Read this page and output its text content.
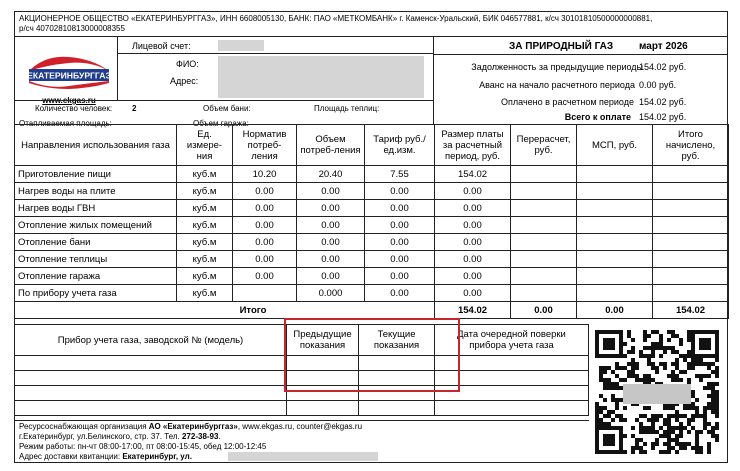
АКЦИОНЕРНОЕ ОБЩЕСТВО «ЕКАТЕРИНБУРГГАЗ», ИНН 6608005130, БАНК: ПАО «МЕТКОМБАНК» г. Каменск-Уральский, БИК 046577881, к/сч 30101810500000000881,
р/сч 40702810813000008355
ЕКАТЕРИНБУРГГАЗ
www.ekgas.ru
Лицевой счет:
ФИО:
Адрес:
Количество человек: 2	Объем бани:	Площадь теплиц:
Отапливаемая площадь:	Объем гаража:
ЗА ПРИРОДНЫЙ ГАЗ	март 2026
Задолженность за предыдущие периоды
154.02 руб.
Аванс на начало расчетного периода 0.00 руб.
Оплачено в расчетном периоде 154.02 руб.
Всего к оплате 154.02 руб.
Направления использования газа	Ед. измере-ния	Норматив потреб-ления	Объем потреб-ления	Тариф руб./ед.изм.	Размер платы за расчетный период, руб.	Перерасчет, руб.	МСП, руб.	Итого начислено, руб.
Приготовление пищи	куб.м	10.20	20.40	7.55	154.02			
Нагрев воды на плите	куб.м	0.00	0.00	0.00	0.00			
Нагрев воды ГВН	куб.м	0.00	0.00	0.00	0.00			
Отопление жилых помещений	куб.м	0.00	0.00	0.00	0.00			
Отопление бани	куб.м	0.00	0.00	0.00	0.00			
Отопление теплицы	куб.м	0.00	0.00	0.00	0.00			
Отопление гаража	куб.м	0.00	0.00	0.00	0.00			
По прибору учета газа	куб.м		0.000	0.00	0.00			
Итого					154.02	0.00	0.00	154.02
Прибор учета газа, заводской № (модель)	Предыдущие показания	Текущие показания	Дата очередной поверки прибора учета газа

Ресурсоснабжающая организация АО «Екатеринбурггаз», www.ekgas.ru, counter@ekgas.ru
г.Екатеринбург, ул.Белинского, стр. 37. Тел. 272-38-93.
Режим работы: пн-чт 08:00-17:00, пт 08:00-15:45, обед 12:00-12:45
Адрес доставки квитанции: Екатеринбург, ул.
